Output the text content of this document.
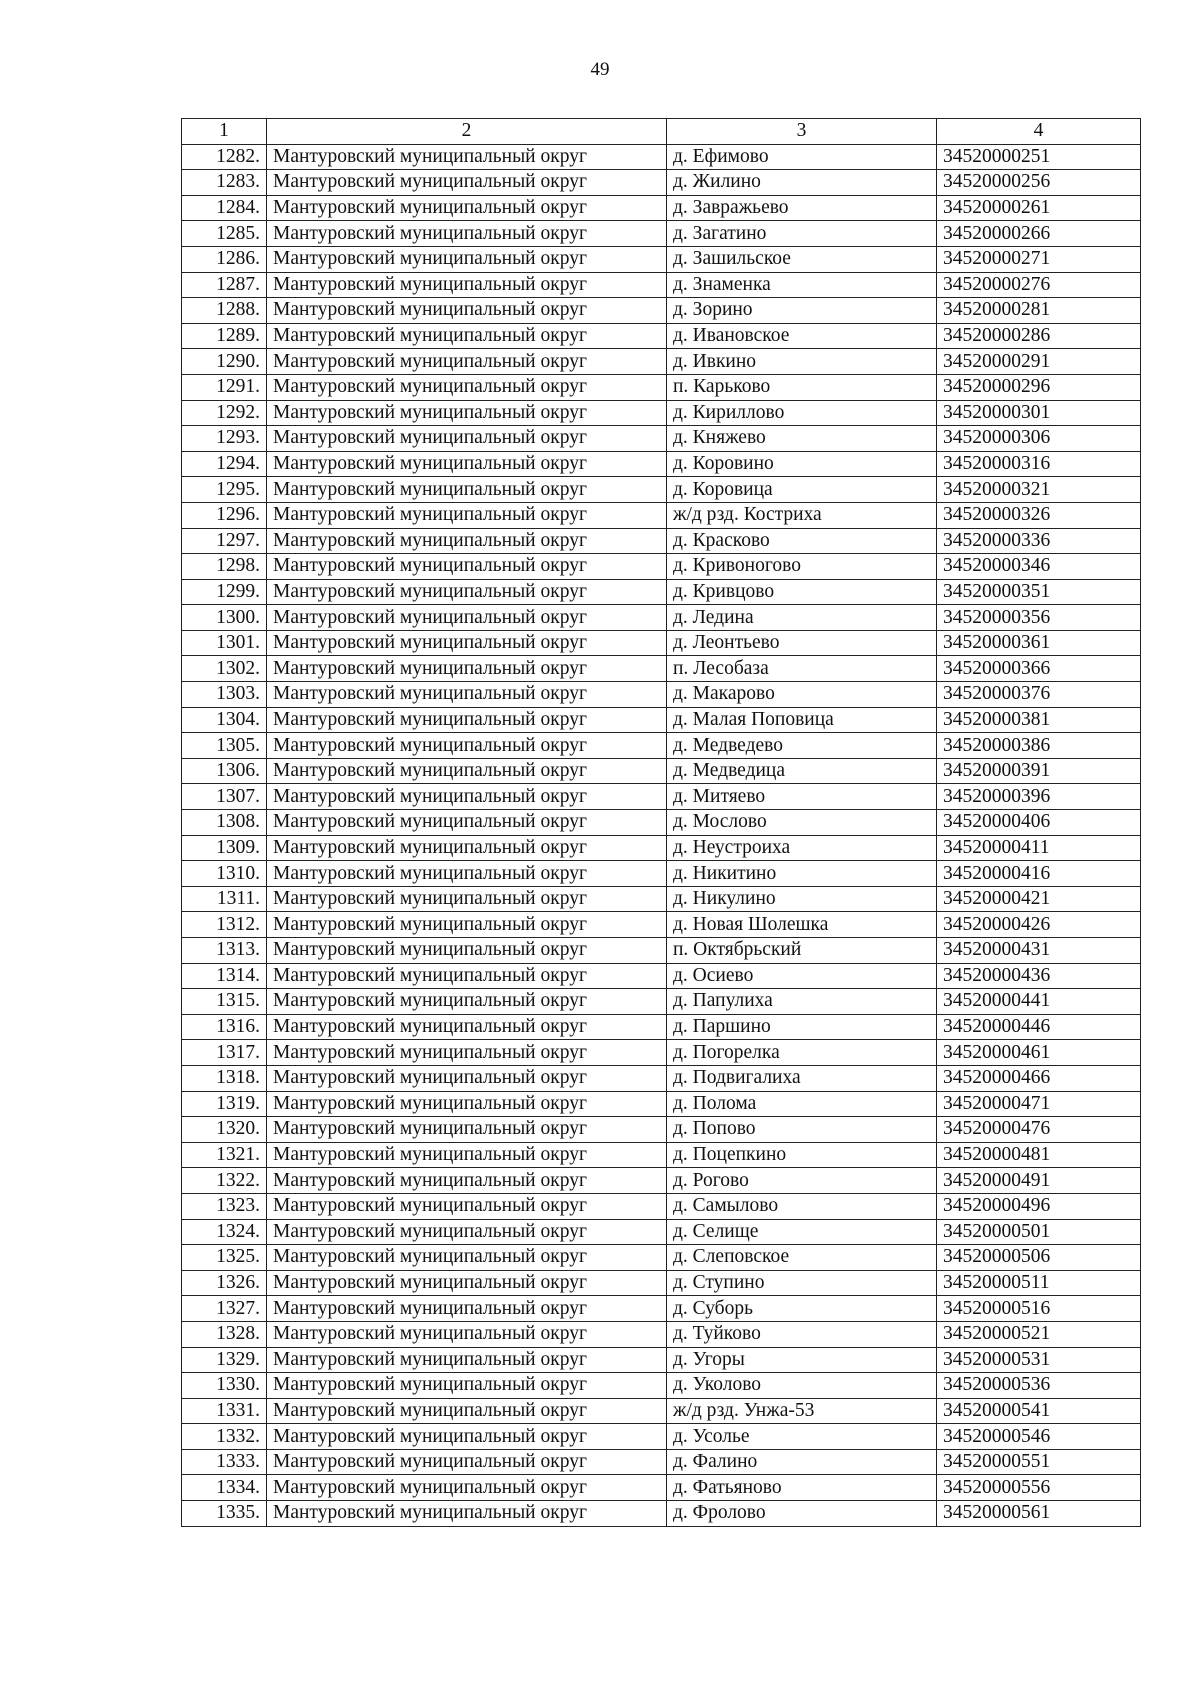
49
1	2	3	4
1282.	Мантуровский муниципальный округ	д. Ефимово	34520000251
1283.	Мантуровский муниципальный округ	д. Жилино	34520000256
1284.	Мантуровский муниципальный округ	д. Завражьево	34520000261
1285.	Мантуровский муниципальный округ	д. Загатино	34520000266
1286.	Мантуровский муниципальный округ	д. Зашильское	34520000271
1287.	Мантуровский муниципальный округ	д. Знаменка	34520000276
1288.	Мантуровский муниципальный округ	д. Зорино	34520000281
1289.	Мантуровский муниципальный округ	д. Ивановское	34520000286
1290.	Мантуровский муниципальный округ	д. Ивкино	34520000291
1291.	Мантуровский муниципальный округ	п. Карьково	34520000296
1292.	Мантуровский муниципальный округ	д. Кириллово	34520000301
1293.	Мантуровский муниципальный округ	д. Княжево	34520000306
1294.	Мантуровский муниципальный округ	д. Коровино	34520000316
1295.	Мантуровский муниципальный округ	д. Коровица	34520000321
1296.	Мантуровский муниципальный округ	ж/д рзд. Костриха	34520000326
1297.	Мантуровский муниципальный округ	д. Красково	34520000336
1298.	Мантуровский муниципальный округ	д. Кривоногово	34520000346
1299.	Мантуровский муниципальный округ	д. Кривцово	34520000351
1300.	Мантуровский муниципальный округ	д. Ледина	34520000356
1301.	Мантуровский муниципальный округ	д. Леонтьево	34520000361
1302.	Мантуровский муниципальный округ	п. Лесобаза	34520000366
1303.	Мантуровский муниципальный округ	д. Макарово	34520000376
1304.	Мантуровский муниципальный округ	д. Малая Поповица	34520000381
1305.	Мантуровский муниципальный округ	д. Медведево	34520000386
1306.	Мантуровский муниципальный округ	д. Медведица	34520000391
1307.	Мантуровский муниципальный округ	д. Митяево	34520000396
1308.	Мантуровский муниципальный округ	д. Мослово	34520000406
1309.	Мантуровский муниципальный округ	д. Неустроиха	34520000411
1310.	Мантуровский муниципальный округ	д. Никитино	34520000416
1311.	Мантуровский муниципальный округ	д. Никулино	34520000421
1312.	Мантуровский муниципальный округ	д. Новая Шолешка	34520000426
1313.	Мантуровский муниципальный округ	п. Октябрьский	34520000431
1314.	Мантуровский муниципальный округ	д. Осиево	34520000436
1315.	Мантуровский муниципальный округ	д. Папулиха	34520000441
1316.	Мантуровский муниципальный округ	д. Паршино	34520000446
1317.	Мантуровский муниципальный округ	д. Погорелка	34520000461
1318.	Мантуровский муниципальный округ	д. Подвигалиха	34520000466
1319.	Мантуровский муниципальный округ	д. Полома	34520000471
1320.	Мантуровский муниципальный округ	д. Попово	34520000476
1321.	Мантуровский муниципальный округ	д. Поцепкино	34520000481
1322.	Мантуровский муниципальный округ	д. Рогово	34520000491
1323.	Мантуровский муниципальный округ	д. Самылово	34520000496
1324.	Мантуровский муниципальный округ	д. Селище	34520000501
1325.	Мантуровский муниципальный округ	д. Слеповское	34520000506
1326.	Мантуровский муниципальный округ	д. Ступино	34520000511
1327.	Мантуровский муниципальный округ	д. Суборь	34520000516
1328.	Мантуровский муниципальный округ	д. Туйково	34520000521
1329.	Мантуровский муниципальный округ	д. Угоры	34520000531
1330.	Мантуровский муниципальный округ	д. Уколово	34520000536
1331.	Мантуровский муниципальный округ	ж/д рзд. Унжа-53	34520000541
1332.	Мантуровский муниципальный округ	д. Усолье	34520000546
1333.	Мантуровский муниципальный округ	д. Фалино	34520000551
1334.	Мантуровский муниципальный округ	д. Фатьяново	34520000556
1335.	Мантуровский муниципальный округ	д. Фролово	34520000561
